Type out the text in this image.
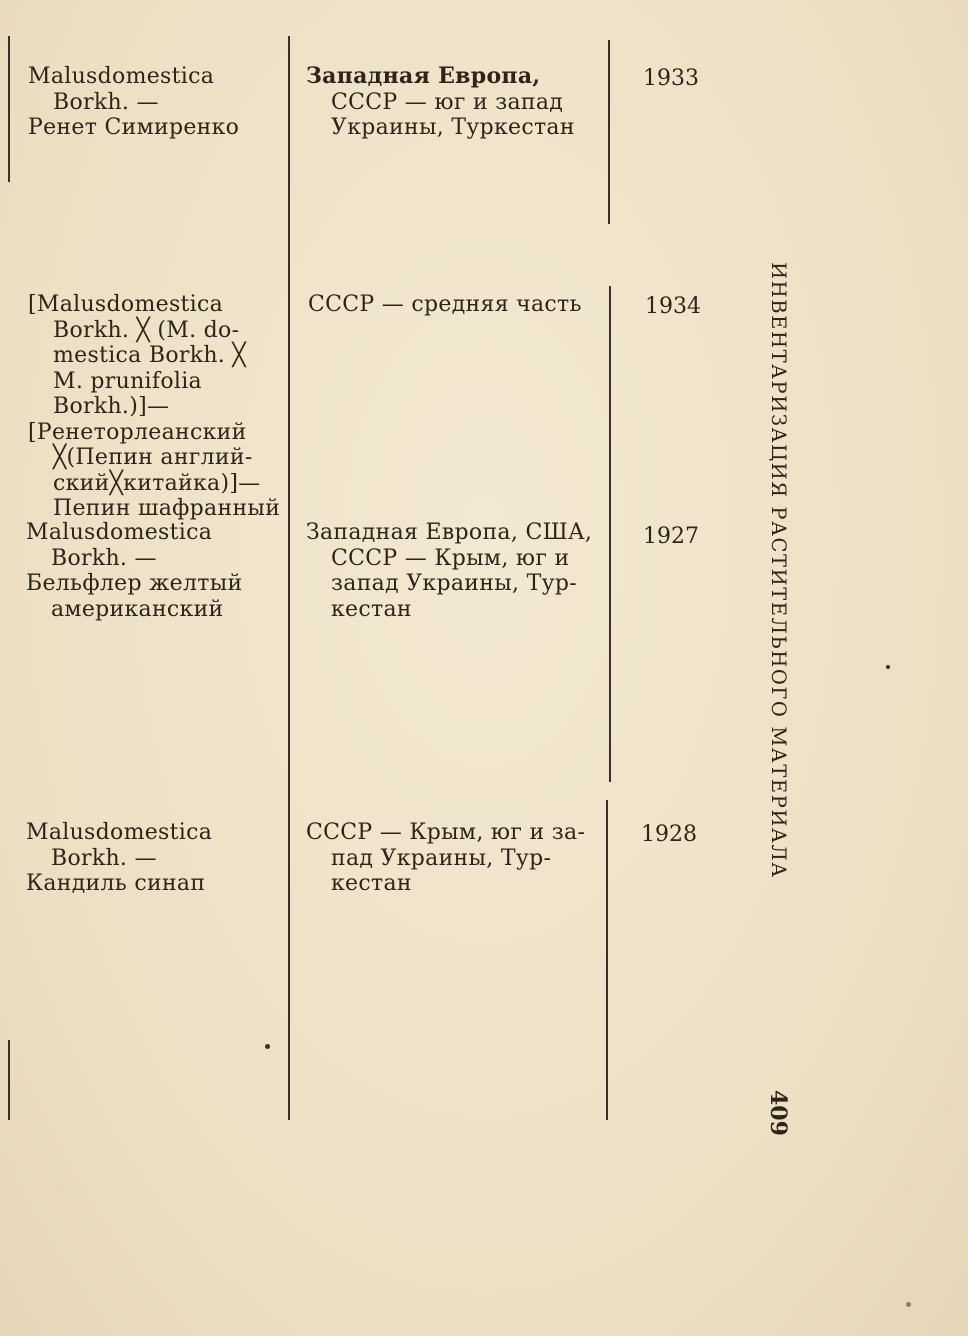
Malusdomestica
Borkh. —
Ренет Симиренко
Западная Европа,
СССР — юг и запад
Украины, Туркестан
1933
[Malusdomestica
Borkh. ╳ (M. do-
mestica Borkh. ╳
M. prunifolia
Borkh.)]—
[Ренеторлеанский
╳(Пепин англий-
ский╳китайка)]—
Пепин шафранный
СССР — средняя часть	1934
Malusdomestica
Borkh. —
Бельфлер желтый
американский
Западная Европа, США,
СССР — Крым, юг и
запад Украины, Тур-
кестан
1927
Malusdomestica
Borkh. —
Кандиль синап
СССР — Крым, юг и за-
пад Украины, Тур-
кестан
1928	ИНВЕНТАРИЗАЦИЯ РАСТИТЕЛЬНОГО МАТЕРИАЛА
409
